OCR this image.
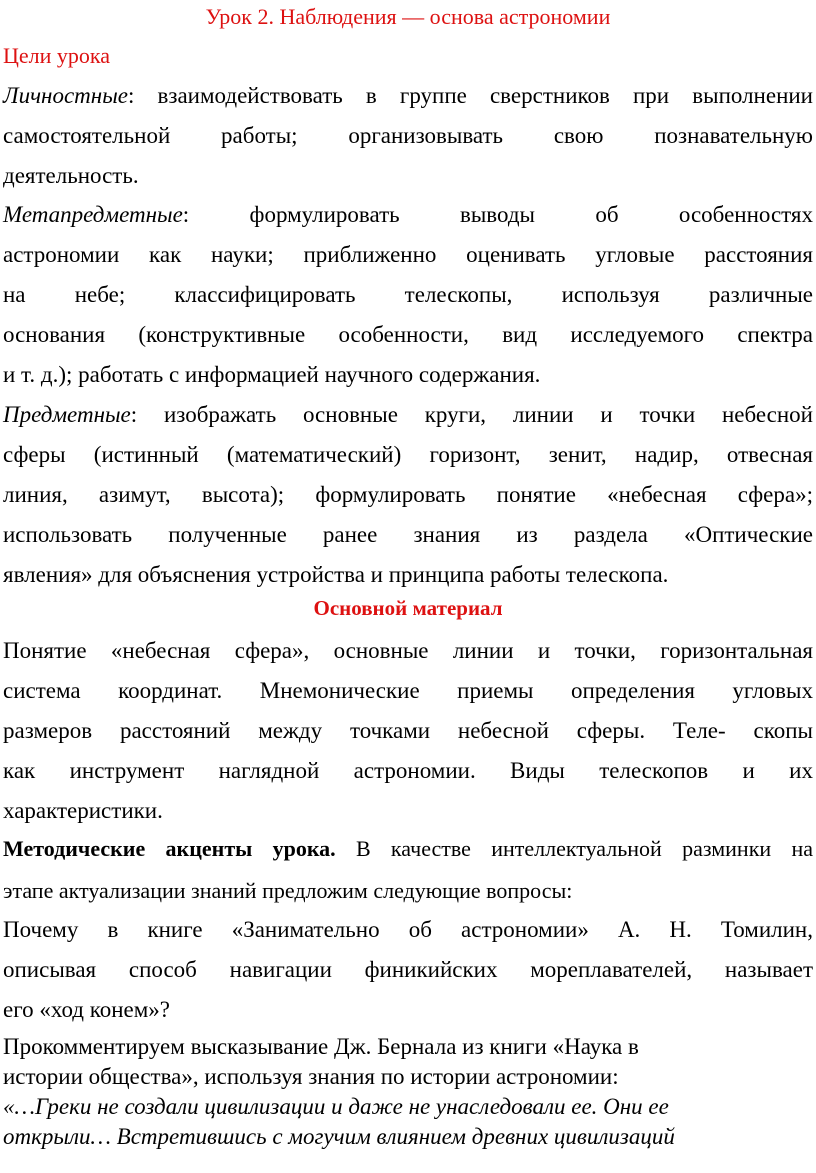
Урок 2. Наблюдения — основа астрономии
Цели урока
Личностные: взаимодействовать в группе сверстников при выполнении
самостоятельной работы; организовывать свою познавательную
деятельность.
Метапредметные: формулировать выводы об особенностях
астрономии как науки; приближенно оценивать угловые расстояния
на небе; классифицировать телескопы, используя различные
основания (конструктивные особенности, вид исследуемого спектра
и т. д.); работать с информацией научного содержания.
Предметные: изображать основные круги, линии и точки небесной
сферы (истинный (математический) горизонт, зенит, надир, отвесная
линия, азимут, высота); формулировать понятие «небесная сфера»;
использовать полученные ранее знания из раздела «Оптические
явления» для объяснения устройства и принципа работы телескопа.
Основной материал
Понятие «небесная сфера», основные линии и точки, горизонтальная
система координат. Мнемонические приемы определения угловых
размеров расстояний между точками небесной сферы. Теле- скопы
как инструмент наглядной астрономии. Виды телескопов и их
характеристики.
Методические акценты урока. В качестве интеллектуальной разминки на
этапе актуализации знаний предложим следующие вопросы:
Почему в книге «Занимательно об астрономии» А. Н. Томилин,
описывая способ навигации финикийских мореплавателей, называет
его «ход конем»?
Прокомментируем высказывание Дж. Бернала из книги «Наука в
истории общества», используя знания по истории астрономии:
«…Греки не создали цивилизации и даже не унаследовали ее. Они ее
открыли… Встретившись с могучим влиянием древних цивилизаций
